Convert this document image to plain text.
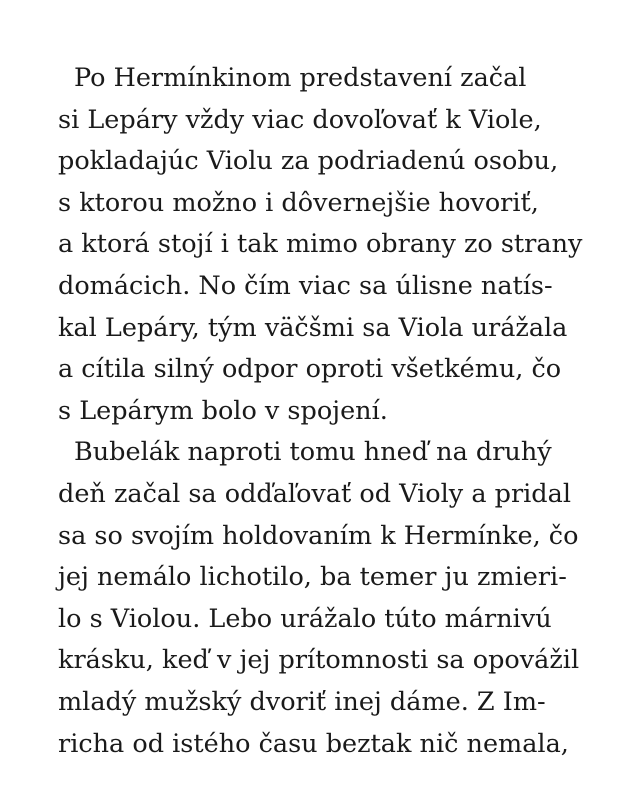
Po Hermínkinom predstavení začal
si Lepáry vždy viac dovoľovať k Viole,
pokladajúc Violu za podriadenú osobu,
s ktorou možno i dôvernejšie hovoriť,
a ktorá stojí i tak mimo obrany zo strany
domácich. No čím viac sa úlisne natís-
kal Lepáry, tým väčšmi sa Viola urážala
a cítila silný odpor oproti všetkému, čo
s Lepárym bolo v spojení.
Bubelák naproti tomu hneď na druhý
deň začal sa odďaľovať od Violy a pridal
sa so svojím holdovaním k Hermínke, čo
jej nemálo lichotilo, ba temer ju zmieri-
lo s Violou. Lebo urážalo túto márnivú
krásku, keď v jej prítomnosti sa opovážil
mladý mužský dvoriť inej dáme. Z Im-
richa od istého času beztak nič nemala,
